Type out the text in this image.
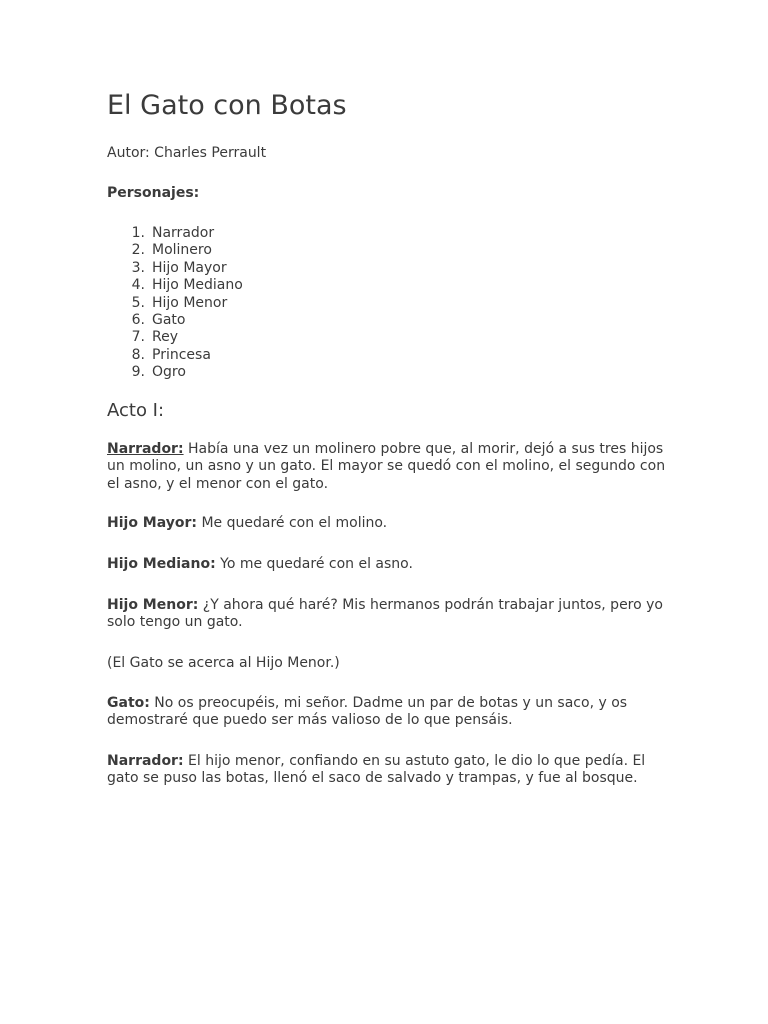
El Gato con Botas

Autor: Charles Perrault

Personajes:

1. Narrador
2. Molinero
3. Hijo Mayor
4. Hijo Mediano
5. Hijo Menor
6. Gato
7. Rey
8. Princesa
9. Ogro
Acto I:

Narrador: Había una vez un molinero pobre que, al morir, dejó a sus tres hijos un molino, un asno y un gato. El mayor se quedó con el molino, el segundo con el asno, y el menor con el gato.

Hijo Mayor: Me quedaré con el molino.

Hijo Mediano: Yo me quedaré con el asno.

Hijo Menor: ¿Y ahora qué haré? Mis hermanos podrán trabajar juntos, pero yo solo tengo un gato.

(El Gato se acerca al Hijo Menor.)

Gato: No os preocupéis, mi señor. Dadme un par de botas y un saco, y os demostraré que puedo ser más valioso de lo que pensáis.

Narrador: El hijo menor, confiando en su astuto gato, le dio lo que pedía. El gato se puso las botas, llenó el saco de salvado y trampas, y fue al bosque.
